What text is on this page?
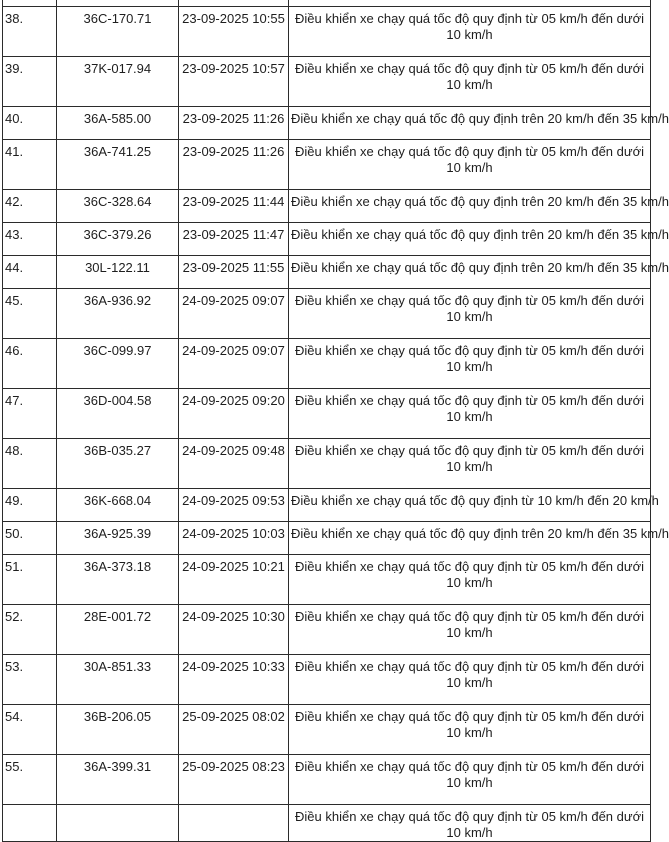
38.	36C-170.71	23-09-2025 10:55	Điều khiển xe chạy quá tốc độ quy định từ 05 km/h đến dưới 10 km/h
39.	37K-017.94	23-09-2025 10:57	Điều khiển xe chạy quá tốc độ quy định từ 05 km/h đến dưới 10 km/h
40.	36A-585.00	23-09-2025 11:26	Điều khiển xe chạy quá tốc độ quy định trên 20 km/h đến 35 km/h
41.	36A-741.25	23-09-2025 11:26	Điều khiển xe chạy quá tốc độ quy định từ 05 km/h đến dưới 10 km/h
42.	36C-328.64	23-09-2025 11:44	Điều khiển xe chạy quá tốc độ quy định trên 20 km/h đến 35 km/h
43.	36C-379.26	23-09-2025 11:47	Điều khiển xe chạy quá tốc độ quy định trên 20 km/h đến 35 km/h
44.	30L-122.11	23-09-2025 11:55	Điều khiển xe chạy quá tốc độ quy định trên 20 km/h đến 35 km/h
45.	36A-936.92	24-09-2025 09:07	Điều khiển xe chạy quá tốc độ quy định từ 05 km/h đến dưới 10 km/h
46.	36C-099.97	24-09-2025 09:07	Điều khiển xe chạy quá tốc độ quy định từ 05 km/h đến dưới 10 km/h
47.	36D-004.58	24-09-2025 09:20	Điều khiển xe chạy quá tốc độ quy định từ 05 km/h đến dưới 10 km/h
48.	36B-035.27	24-09-2025 09:48	Điều khiển xe chạy quá tốc độ quy định từ 05 km/h đến dưới 10 km/h
49.	36K-668.04	24-09-2025 09:53	Điều khiển xe chạy quá tốc độ quy định từ 10 km/h đến 20 km/h
50.	36A-925.39	24-09-2025 10:03	Điều khiển xe chạy quá tốc độ quy định trên 20 km/h đến 35 km/h
51.	36A-373.18	24-09-2025 10:21	Điều khiển xe chạy quá tốc độ quy định từ 05 km/h đến dưới 10 km/h
52.	28E-001.72	24-09-2025 10:30	Điều khiển xe chạy quá tốc độ quy định từ 05 km/h đến dưới 10 km/h
53.	30A-851.33	24-09-2025 10:33	Điều khiển xe chạy quá tốc độ quy định từ 05 km/h đến dưới 10 km/h
54.	36B-206.05	25-09-2025 08:02	Điều khiển xe chạy quá tốc độ quy định từ 05 km/h đến dưới 10 km/h
55.	36A-399.31	25-09-2025 08:23	Điều khiển xe chạy quá tốc độ quy định từ 05 km/h đến dưới 10 km/h
			Điều khiển xe chạy quá tốc độ quy định từ 05 km/h đến dưới 10 km/h
